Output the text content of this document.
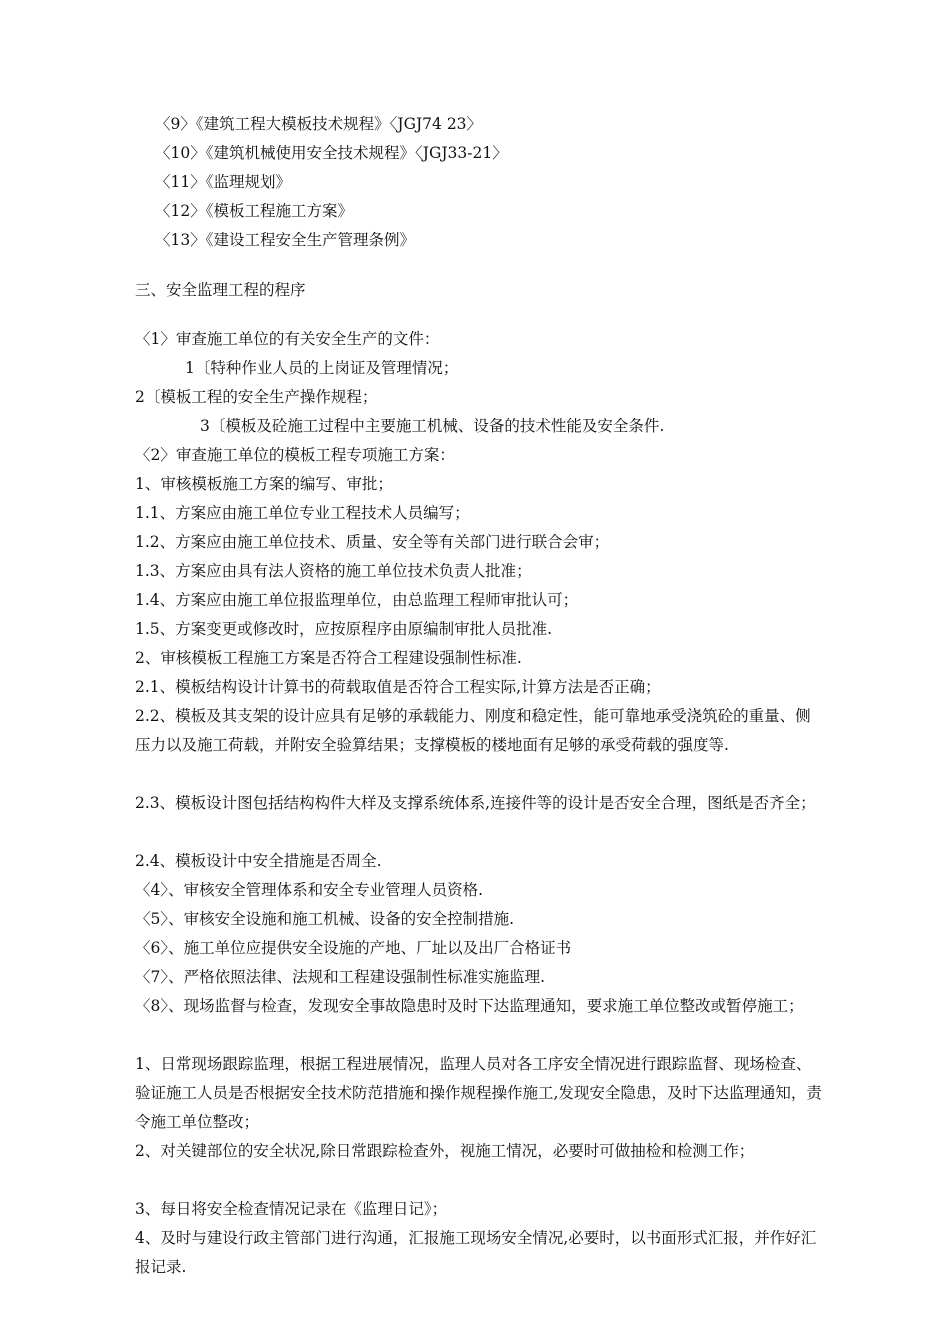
〈9〉《建筑工程大模板技术规程》〈JGJ74 23〉
〈10〉《建筑机械使用安全技术规程》〈JGJ33-21〉
〈11〉《监理规划》
〈12〉《模板工程施工方案》
〈13〉《建设工程安全生产管理条例》
三、安全监理工程的程序
〈1〉审查施工单位的有关安全生产的文件：
1〔特种作业人员的上岗证及管理情况；
2〔模板工程的安全生产操作规程；
3〔模板及砼施工过程中主要施工机械、设备的技术性能及安全条件.
〈2〉审查施工单位的模板工程专项施工方案：
1、审核模板施工方案的编写、审批；
1.1、方案应由施工单位专业工程技术人员编写；
1.2、方案应由施工单位技术、质量、安全等有关部门进行联合会审；
1.3、方案应由具有法人资格的施工单位技术负责人批准；
1.4、方案应由施工单位报监理单位，由总监理工程师审批认可；
1.5、方案变更或修改时，应按原程序由原编制审批人员批准.
2、审核模板工程施工方案是否符合工程建设强制性标准.
2.1、模板结构设计计算书的荷载取值是否符合工程实际,计算方法是否正确；
2.2、模板及其支架的设计应具有足够的承载能力、刚度和稳定性，能可靠地承受浇筑砼的重量、侧压力以及施工荷载，并附安全验算结果；支撑模板的楼地面有足够的承受荷载的强度等.
2.3、模板设计图包括结构构件大样及支撑系统体系,连接件等的设计是否安全合理，图纸是否齐全；
2.4、模板设计中安全措施是否周全.
〈4〉、审核安全管理体系和安全专业管理人员资格.
〈5〉、审核安全设施和施工机械、设备的安全控制措施.
〈6〉、施工单位应提供安全设施的产地、厂址以及出厂合格证书
〈7〉、严格依照法律、法规和工程建设强制性标准实施监理.
〈8〉、现场监督与检查，发现安全事故隐患时及时下达监理通知，要求施工单位整改或暂停施工；
1、日常现场跟踪监理，根据工程进展情况，监理人员对各工序安全情况进行跟踪监督、现场检查、验证施工人员是否根据安全技术防范措施和操作规程操作施工,发现安全隐患，及时下达监理通知，责令施工单位整改；
2、对关键部位的安全状况,除日常跟踪检查外，视施工情况，必要时可做抽检和检测工作；
3、每日将安全检查情况记录在《监理日记》；
4、及时与建设行政主管部门进行沟通，汇报施工现场安全情况,必要时，以书面形式汇报，并作好汇报记录.
